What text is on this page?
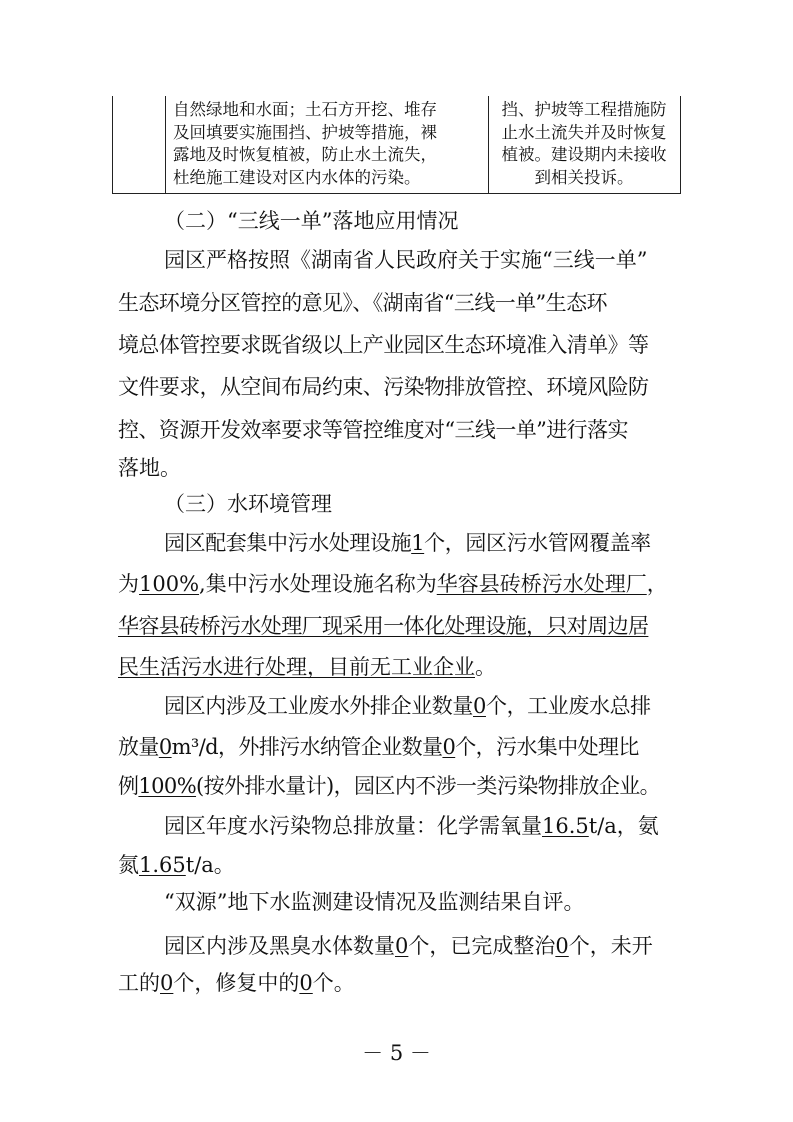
自然绿地和水面；土石方开挖、堆存
及回填要实施围挡、护坡等措施，裸
露地及时恢复植被，防止水土流失，
杜绝施工建设对区内水体的污染。
挡、护坡等工程措施防
止水土流失并及时恢复
植被。建设期内未接收
到相关投诉。
（二）“三线一单”落地应用情况
园区严格按照《湖南省人民政府关于实施“三线一单”
生态环境分区管控的意见》、《湖南省“三线一单”生态环
境总体管控要求既省级以上产业园区生态环境准入清单》等
文件要求，从空间布局约束、污染物排放管控、环境风险防
控、资源开发效率要求等管控维度对“三线一单”进行落实
落地。
（三）水环境管理
园区配套集中污水处理设施1个，园区污水管网覆盖率
为100%,集中污水处理设施名称为华容县砖桥污水处理厂，
华容县砖桥污水处理厂现采用一体化处理设施，只对周边居
民生活污水进行处理，目前无工业企业。
园区内涉及工业废水外排企业数量0个，工业废水总排
放量0m³/d，外排污水纳管企业数量0个，污水集中处理比
例100%(按外排水量计)，园区内不涉一类污染物排放企业。
园区年度水污染物总排放量：化学需氧量16.5t/a，氨
氮1.65t/a。
“双源”地下水监测建设情况及监测结果自评。
园区内涉及黑臭水体数量0个，已完成整治0个，未开
工的0个，修复中的0个。
－ 5 －
